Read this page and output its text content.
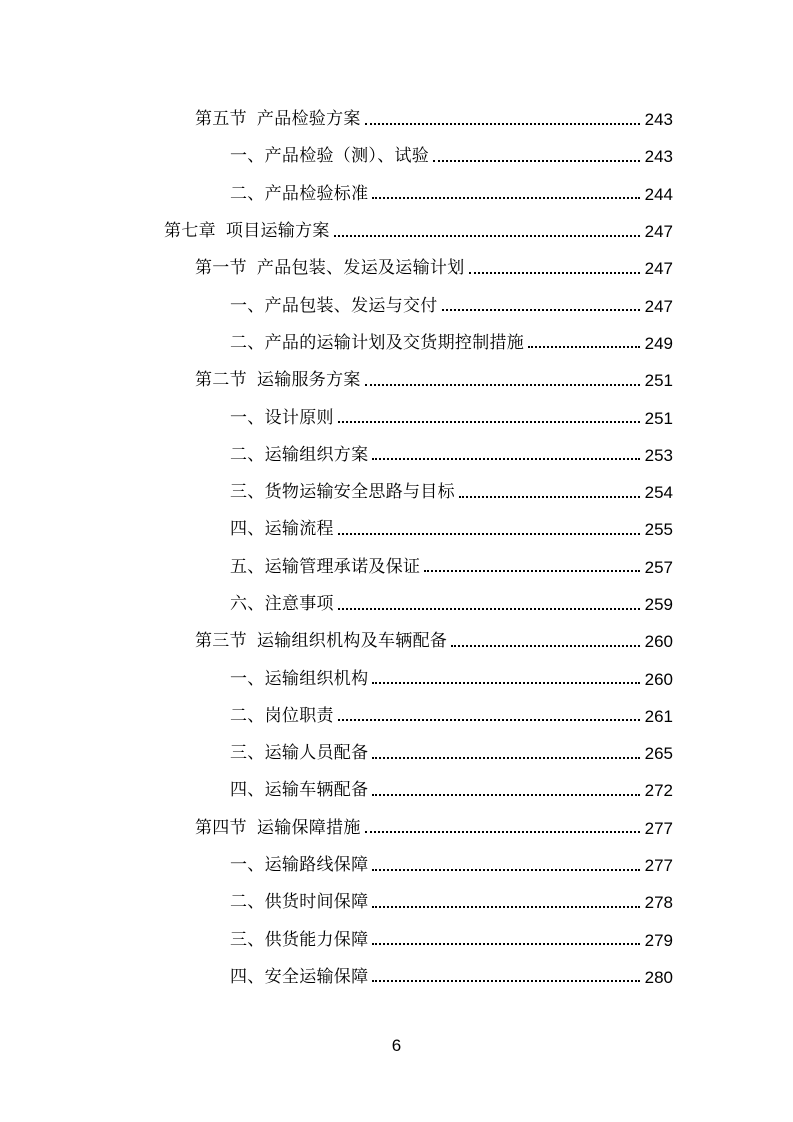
第五节 产品检验方案	243
一、产品检验（测）、试验	243
二、产品检验标准	244
第七章 项目运输方案	247
第一节 产品包装、发运及运输计划	247
一、产品包装、发运与交付	247
二、产品的运输计划及交货期控制措施	249
第二节 运输服务方案	251
一、设计原则	251
二、运输组织方案	253
三、货物运输安全思路与目标	254
四、运输流程	255
五、运输管理承诺及保证	257
六、注意事项	259
第三节 运输组织机构及车辆配备	260
一、运输组织机构	260
二、岗位职责	261
三、运输人员配备	265
四、运输车辆配备	272
第四节 运输保障措施	277
一、运输路线保障	277
二、供货时间保障	278
三、供货能力保障	279
四、安全运输保障	280
6
